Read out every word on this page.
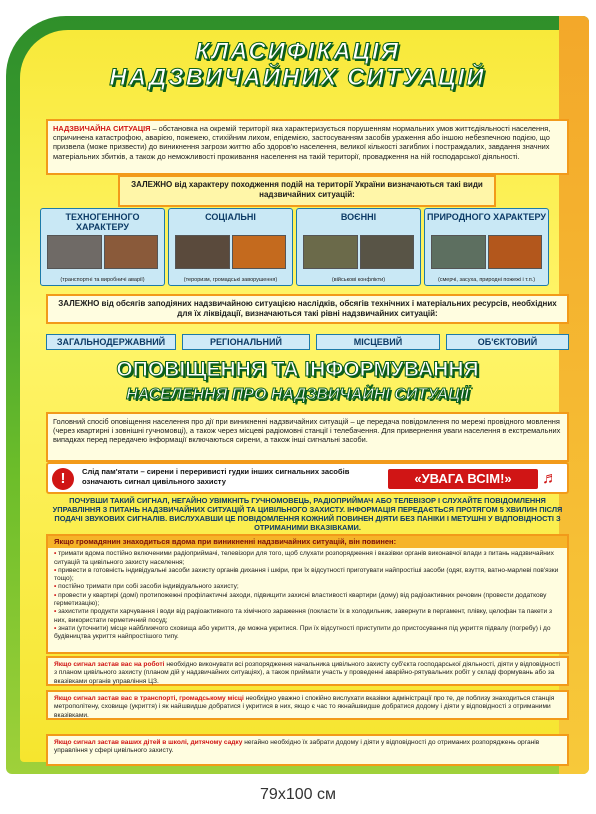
КЛАСИФІКАЦІЯ
НАДЗВИЧАЙНИХ СИТУАЦІЙ
НАДЗВИЧАЙНА СИТУАЦІЯ – обстановка на окремій території яка характеризується порушенням нормальних умов життєдіяльності населення, спричинена катастрофою, аварією, пожежею, стихійним лихом, епідемією, застосуванням засобів ураження або іншою небезпечною подією, що призвела (може призвести) до виникнення загрози життю або здоров'ю населення, великої кількості загиблих і постраждалих, завдання значних матеріальних збитків, а також до неможливості проживання населення на такій території, провадження на ній господарської діяльності.
ЗАЛЕЖНО від характеру походження подій на території України визначаються такі види надзвичайних ситуацій:
ТЕХНОГЕННОГО ХАРАКТЕРУ
(транспортні та виробничі аварії)
СОЦІАЛЬНІ
(тероризм, громадські заворушення)
ВОЄННІ
(військові конфлікти)
ПРИРОДНОГО ХАРАКТЕРУ
(смерчі, засуха, природні пожежі і т.п.)
ЗАЛЕЖНО від обсягів заподіяних надзвичайною ситуацією наслідків, обсягів технічних і матеріальних ресурсів, необхідних для їх ліквідації, визначаються такі рівні надзвичайних ситуацій:
ЗАГАЛЬНОДЕРЖАВНИЙ	РЕГІОНАЛЬНИЙ	МІСЦЕВИЙ	ОБ'ЄКТОВИЙ
ОПОВІЩЕННЯ ТА ІНФОРМУВАННЯ
НАСЕЛЕННЯ ПРО НАДЗВИЧАЙНІ СИТУАЦІЇ
Головний спосіб оповіщення населення про дії при виникненні надзвичайних ситуацій – це передача повідомлення по мережі провідного мовлення (через квартирні і зовнішні гучномовці), а також через місцеві радіомовні станції і телебачення. Для привернення уваги населення в екстремальних випадках перед передачею інформації включаються сирени, а також інші сигнальні засоби.
!	Слід пам'ятати – сирени і переривисті гудки інших сигнальних засобів означають сигнал цивільного захисту	«УВАГА ВСІМ!»	♬
ПОЧУВШИ ТАКИЙ СИГНАЛ, НЕГАЙНО УВІМКНІТЬ ГУЧНОМОВЕЦЬ, РАДІОПРИЙМАЧ АБО ТЕЛЕВІЗОР І СЛУХАЙТЕ ПОВІДОМЛЕННЯ УПРАВЛІННЯ З ПИТАНЬ НАДЗВИЧАЙНИХ СИТУАЦІЙ ТА ЦИВІЛЬНОГО ЗАХИСТУ. ІНФОРМАЦІЯ ПЕРЕДАЄТЬСЯ ПРОТЯГОМ 5 ХВИЛИН ПІСЛЯ ПОДАЧІ ЗВУКОВИХ СИГНАЛІВ. ВИСЛУХАВШИ ЦЕ ПОВІДОМЛЕННЯ КОЖНИЙ ПОВИНЕН ДІЯТИ БЕЗ ПАНІКИ І МЕТУШНІ У ВІДПОВІДНОСТІ З ОТРИМАНИМИ ВКАЗІВКАМИ.
Якщо громадянин знаходиться вдома при виникненні надзвичайних ситуацій, він повинен:
• тримати вдома постійно включеними радіоприймачі, телевізори для того, щоб слухати розпорядження і вказівки органів виконавчої влади з питань надзвичайних ситуацій та цивільного захисту населення;
• привести в готовність індивідуальні засоби захисту органів дихання і шкіри, при їх відсутності приготувати найпростіші засоби (одяг, взуття, ватно-марлеві пов'язки тощо);
• постійно тримати при собі засоби індивідуального захисту;
• провести у квартирі (домі) протипожежні профілактичні заходи, підвищити захисні властивості квартири (дому) від радіоактивних речовин (провести додаткову герметизацію);
• захистити продукти харчування і води від радіоактивного та хімічного зараження (покласти їх в холодильник, завернути в пергамент, плівку, целофан та пакети з них, використати герметичний посуд;
• знати (уточнити) місце найближчого сховища або укриття, де можна укритися. При їх відсутності приступити до пристосування під укриття підвалу (погребу) і до будівництва укриття найпростішого типу.
Якщо сигнал застав вас на роботі необхідно виконувати всі розпорядження начальника цивільного захисту суб'єкта господарської діяльності, діяти у відповідності з планом цивільного захисту (планом дій у надзвичайних ситуаціях), а також приймати участь у проведенні аварійно-рятувальних робіт у складі формувань або за вказівками органів управління ЦЗ.
Якщо сигнал застав вас в транспорті, громадському місці необхідно уважно і спокійно вислухати вказівки адміністрації про те, де поблизу знаходиться станція метрополітену, сховище (укриття) і як найшвидше добратися і укритися в них, якщо є час то якнайшвидше добратися додому і діяти у відповідності з отриманими вказівками.
Якщо сигнал застав ваших дітей в школі, дитячому садку негайно необхідно їх забрати додому і діяти у відповідності до отриманих розпоряджень органів управління у сфері цивільного захисту.
79x100 см
